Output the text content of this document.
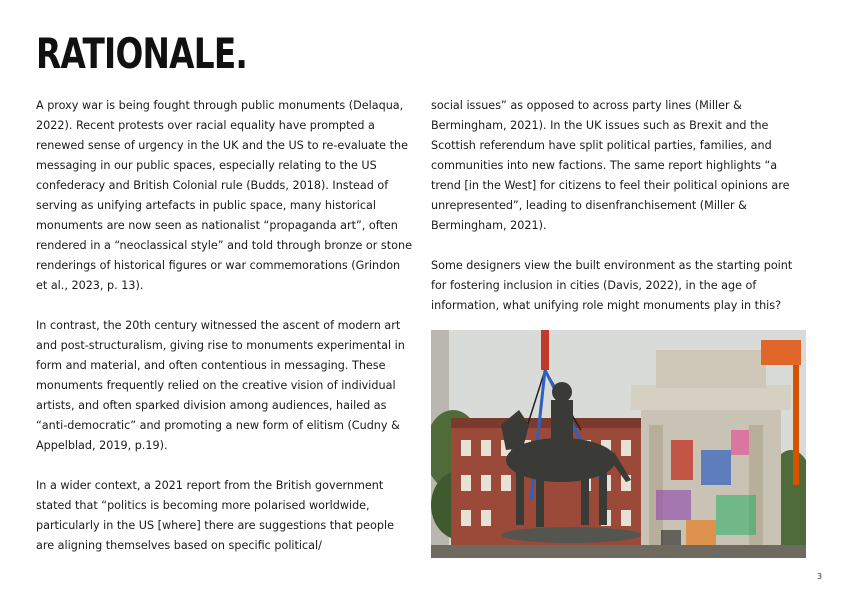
RATIONALE.

A proxy war is being fought through public monuments (Delaqua, 2022). Recent protests over racial equality have prompted a renewed sense of urgency in the UK and the US to re-evaluate the messaging in our public spaces, especially relating to the US confederacy and British Colonial rule (Budds, 2018). Instead of serving as unifying artefacts in public space, many historical monuments are now seen as nationalist “propaganda art”, often rendered in a “neoclassical style” and told through bronze or stone renderings of historical figures or war commemorations (Grindon et al., 2023, p. 13).

In contrast, the 20th century witnessed the ascent of modern art and post-structuralism, giving rise to monuments experimental in form and material, and often contentious in messaging. These monuments frequently relied on the creative vision of individual artists, and often sparked division among audiences, hailed as “anti-democratic” and promoting a new form of elitism (Cudny & Appelblad, 2019, p.19).

In a wider context, a 2021 report from the British government stated that “politics is becoming more polarised worldwide, particularly in the US [where] there are suggestions that people are aligning themselves based on specific political/

social issues” as opposed to across party lines (Miller & Bermingham, 2021). In the UK issues such as Brexit and the Scottish referendum have split political parties, families, and communities into new factions. The same report highlights “a trend [in the West] for citizens to feel their political opinions are unrepresented”, leading to disenfranchisement (Miller & Bermingham, 2021).

Some designers view the built environment as the starting point for fostering inclusion in cities (Davis, 2022), in the age of information, what unifying role might monuments play in this?

3
